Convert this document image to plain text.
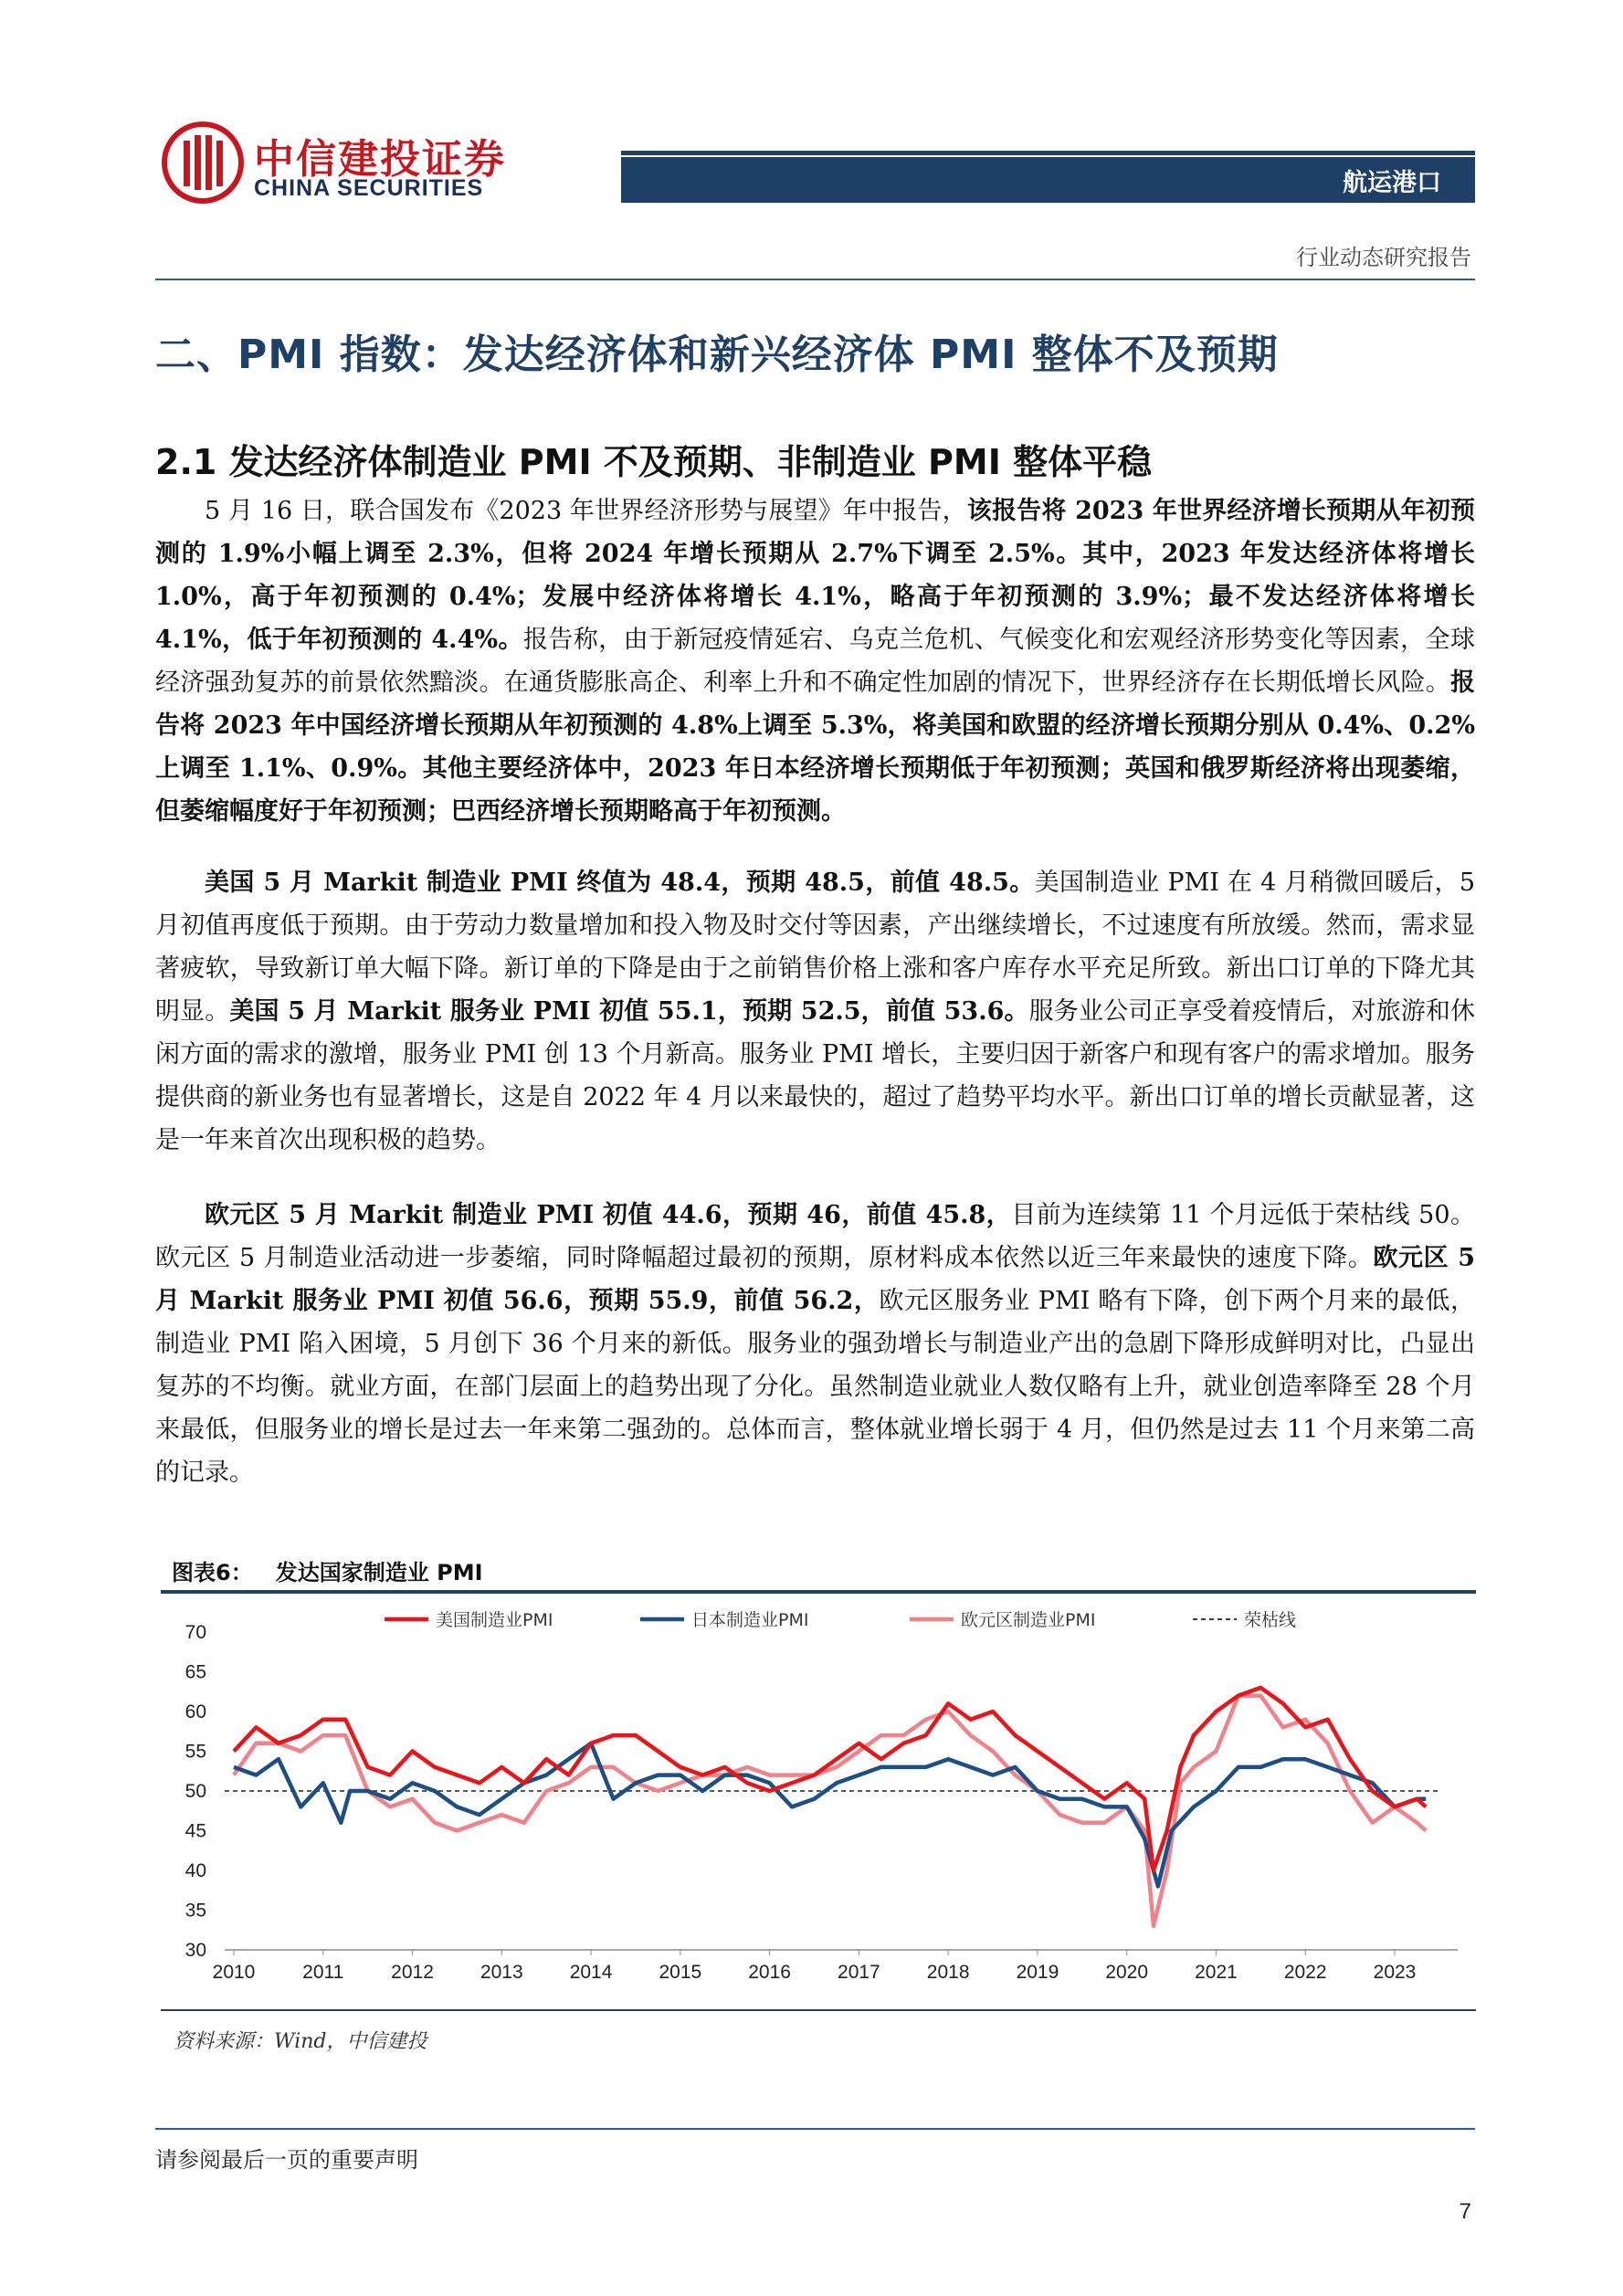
中信建投证券
CHINA SECURITIES	航运港口
行业动态研究报告
二、PMI 指数：发达经济体和新兴经济体 PMI 整体不及预期
2.1 发达经济体制造业 PMI 不及预期、非制造业 PMI 整体平稳
5 月 16 日，联合国发布《2023 年世界经济形势与展望》年中报告，该报告将 2023 年世界经济增长预期从年初预测的 1.9%小幅上调至 2.3%，但将 2024 年增长预期从 2.7%下调至 2.5%。其中，2023 年发达经济体将增长 1.0%，高于年初预测的 0.4%；发展中经济体将增长 4.1%，略高于年初预测的 3.9%；最不发达经济体将增长 4.1%，低于年初预测的 4.4%。报告称，由于新冠疫情延宕、乌克兰危机、气候变化和宏观经济形势变化等因素，全球经济强劲复苏的前景依然黯淡。在通货膨胀高企、利率上升和不确定性加剧的情况下，世界经济存在长期低增长风险。报告将 2023 年中国经济增长预期从年初预测的 4.8%上调至 5.3%，将美国和欧盟的经济增长预期分别从 0.4%、0.2%上调至 1.1%、0.9%。其他主要经济体中，2023 年日本经济增长预期低于年初预测；英国和俄罗斯经济将出现萎缩，但萎缩幅度好于年初预测；巴西经济增长预期略高于年初预测。
美国 5 月 Markit 制造业 PMI 终值为 48.4，预期 48.5，前值 48.5。美国制造业 PMI 在 4 月稍微回暖后，5 月初值再度低于预期。由于劳动力数量增加和投入物及时交付等因素，产出继续增长，不过速度有所放缓。然而，需求显著疲软，导致新订单大幅下降。新订单的下降是由于之前销售价格上涨和客户库存水平充足所致。新出口订单的下降尤其明显。美国 5 月 Markit 服务业 PMI 初值 55.1，预期 52.5，前值 53.6。服务业公司正享受着疫情后，对旅游和休闲方面的需求的激增，服务业 PMI 创 13 个月新高。服务业 PMI 增长，主要归因于新客户和现有客户的需求增加。服务提供商的新业务也有显著增长，这是自 2022 年 4 月以来最快的，超过了趋势平均水平。新出口订单的增长贡献显著，这是一年来首次出现积极的趋势。
欧元区 5 月 Markit 制造业 PMI 初值 44.6，预期 46，前值 45.8，目前为连续第 11 个月远低于荣枯线 50。欧元区 5 月制造业活动进一步萎缩，同时降幅超过最初的预期，原材料成本依然以近三年来最快的速度下降。欧元区 5 月 Markit 服务业 PMI 初值 56.6，预期 55.9，前值 56.2，欧元区服务业 PMI 略有下降，创下两个月来的最低，制造业 PMI 陷入困境，5 月创下 36 个月来的新低。服务业的强劲增长与制造业产出的急剧下降形成鲜明对比，凸显出复苏的不均衡。就业方面，在部门层面上的趋势出现了分化。虽然制造业就业人数仅略有上升，就业创造率降至 28 个月来最低，但服务业的增长是过去一年来第二强劲的。总体而言，整体就业增长弱于 4 月，但仍然是过去 11 个月来第二高的记录。
图表6： 发达国家制造业 PMI
30
35
40
45
50
55
60
65
70
2010 2011 2012 2013 2014 2015 2016 2017 2018 2019 2020 2021 2022 2023
美国制造业PMI	日本制造业PMI	欧元区制造业PMI	荣枯线
资料来源：Wind，中信建投
请参阅最后一页的重要声明
7
